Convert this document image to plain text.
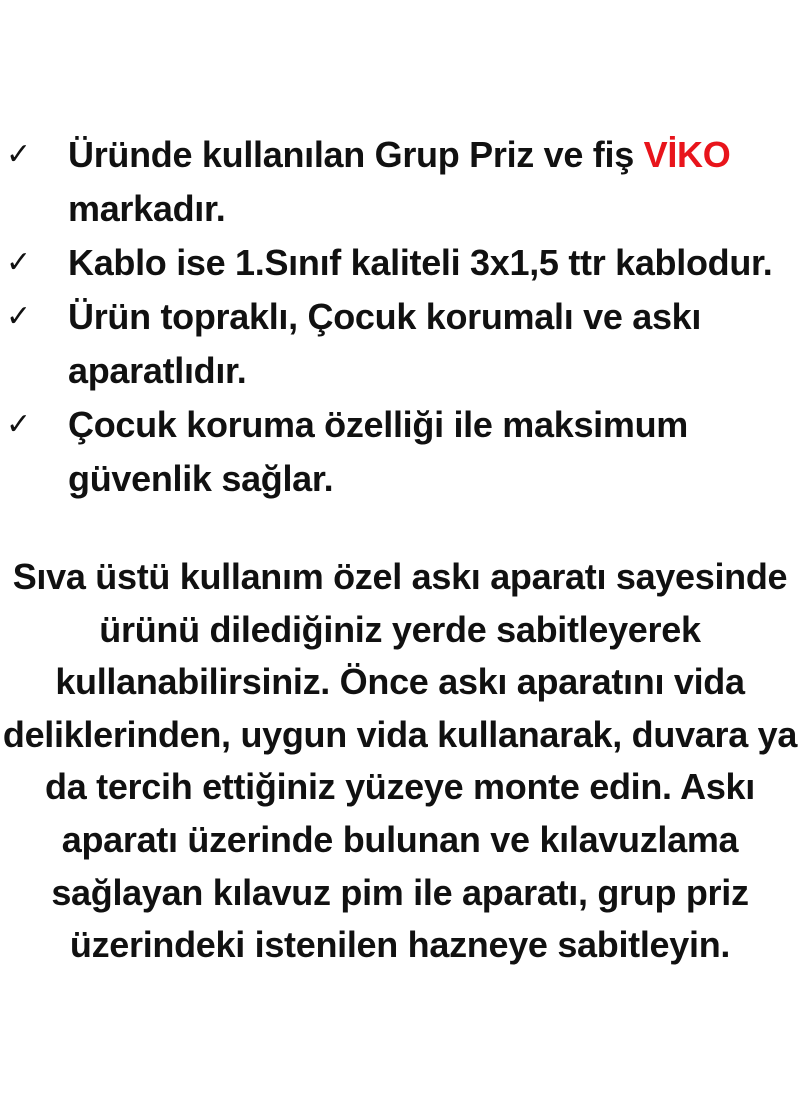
✓	Üründe kullanılan Grup Priz ve fiş VİKO
markadır.
✓	Kablo ise 1.Sınıf kaliteli 3x1,5 ttr kablodur.
✓	Ürün topraklı, Çocuk korumalı ve askı
aparatlıdır.
✓	Çocuk koruma özelliği ile maksimum
güvenlik sağlar.

Sıva üstü kullanım özel askı aparatı sayesinde
ürünü dilediğiniz yerde sabitleyerek
kullanabilirsiniz. Önce askı aparatını vida
deliklerinden, uygun vida kullanarak, duvara ya
da tercih ettiğiniz yüzeye monte edin. Askı
aparatı üzerinde bulunan ve kılavuzlama
sağlayan kılavuz pim ile aparatı, grup priz
üzerindeki istenilen hazneye sabitleyin.
